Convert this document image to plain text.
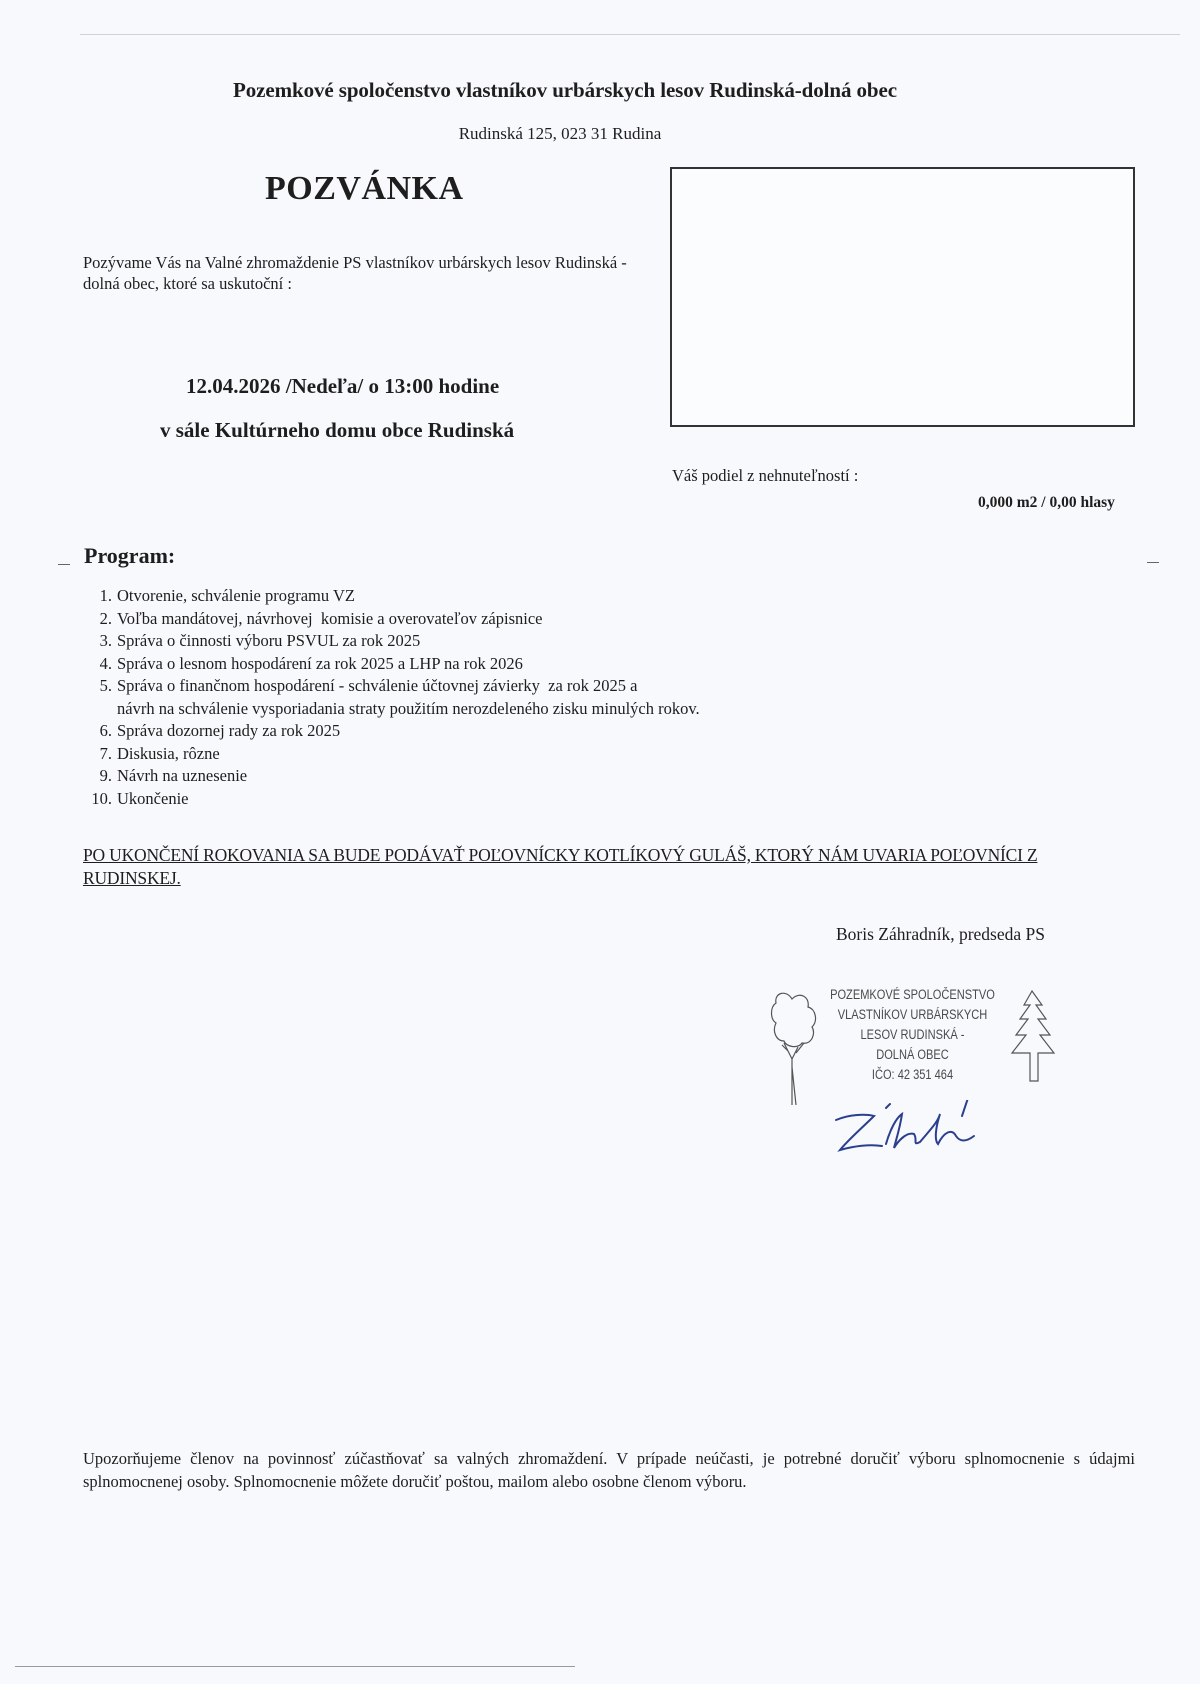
Pozemkové spoločenstvo vlastníkov urbárskych lesov Rudinská-dolná obec
Rudinská 125, 023 31 Rudina
POZVÁNKA
Pozývame Vás na Valné zhromaždenie PS vlastníkov urbárskych lesov Rudinská - dolná obec, ktoré sa uskutoční :
12.04.2026 /Nedeľa/ o 13:00 hodine
v sále Kultúrneho domu obce Rudinská
Váš podiel z nehnuteľností :
0,000 m2 / 0,00 hlasy
Program:
1. Otvorenie, schválenie programu VZ
2. Voľba mandátovej, návrhovej  komisie a overovateľov zápisnice
3. Správa o činnosti výboru PSVUL za rok 2025
4. Správa o lesnom hospodárení za rok 2025 a LHP na rok 2026
5. Správa o finančnom hospodárení - schválenie účtovnej závierky  za rok 2025 a
návrh na schválenie vysporiadania straty použitím nerozdeleného zisku minulých rokov.
6. Správa dozornej rady za rok 2025
7. Diskusia, rôzne
9. Návrh na uznesenie
10. Ukončenie
PO UKONČENÍ ROKOVANIA SA BUDE PODÁVAŤ POĽOVNÍCKY KOTLÍKOVÝ GULÁŠ, KTORÝ NÁM UVARIA POĽOVNÍCI Z RUDINSKEJ.
Boris Záhradník, predseda PS
POZEMKOVÉ SPOLOČENSTVO
VLASTNÍKOV URBÁRSKYCH
LESOV RUDINSKÁ -
DOLNÁ OBEC
IČO: 42 351 464
Upozorňujeme členov na povinnosť zúčastňovať sa valných zhromaždení. V prípade neúčasti, je potrebné doručiť výboru splnomocnenie s údajmi splnomocnenej osoby. Splnomocnenie môžete doručiť poštou, mailom alebo osobne členom výboru.
